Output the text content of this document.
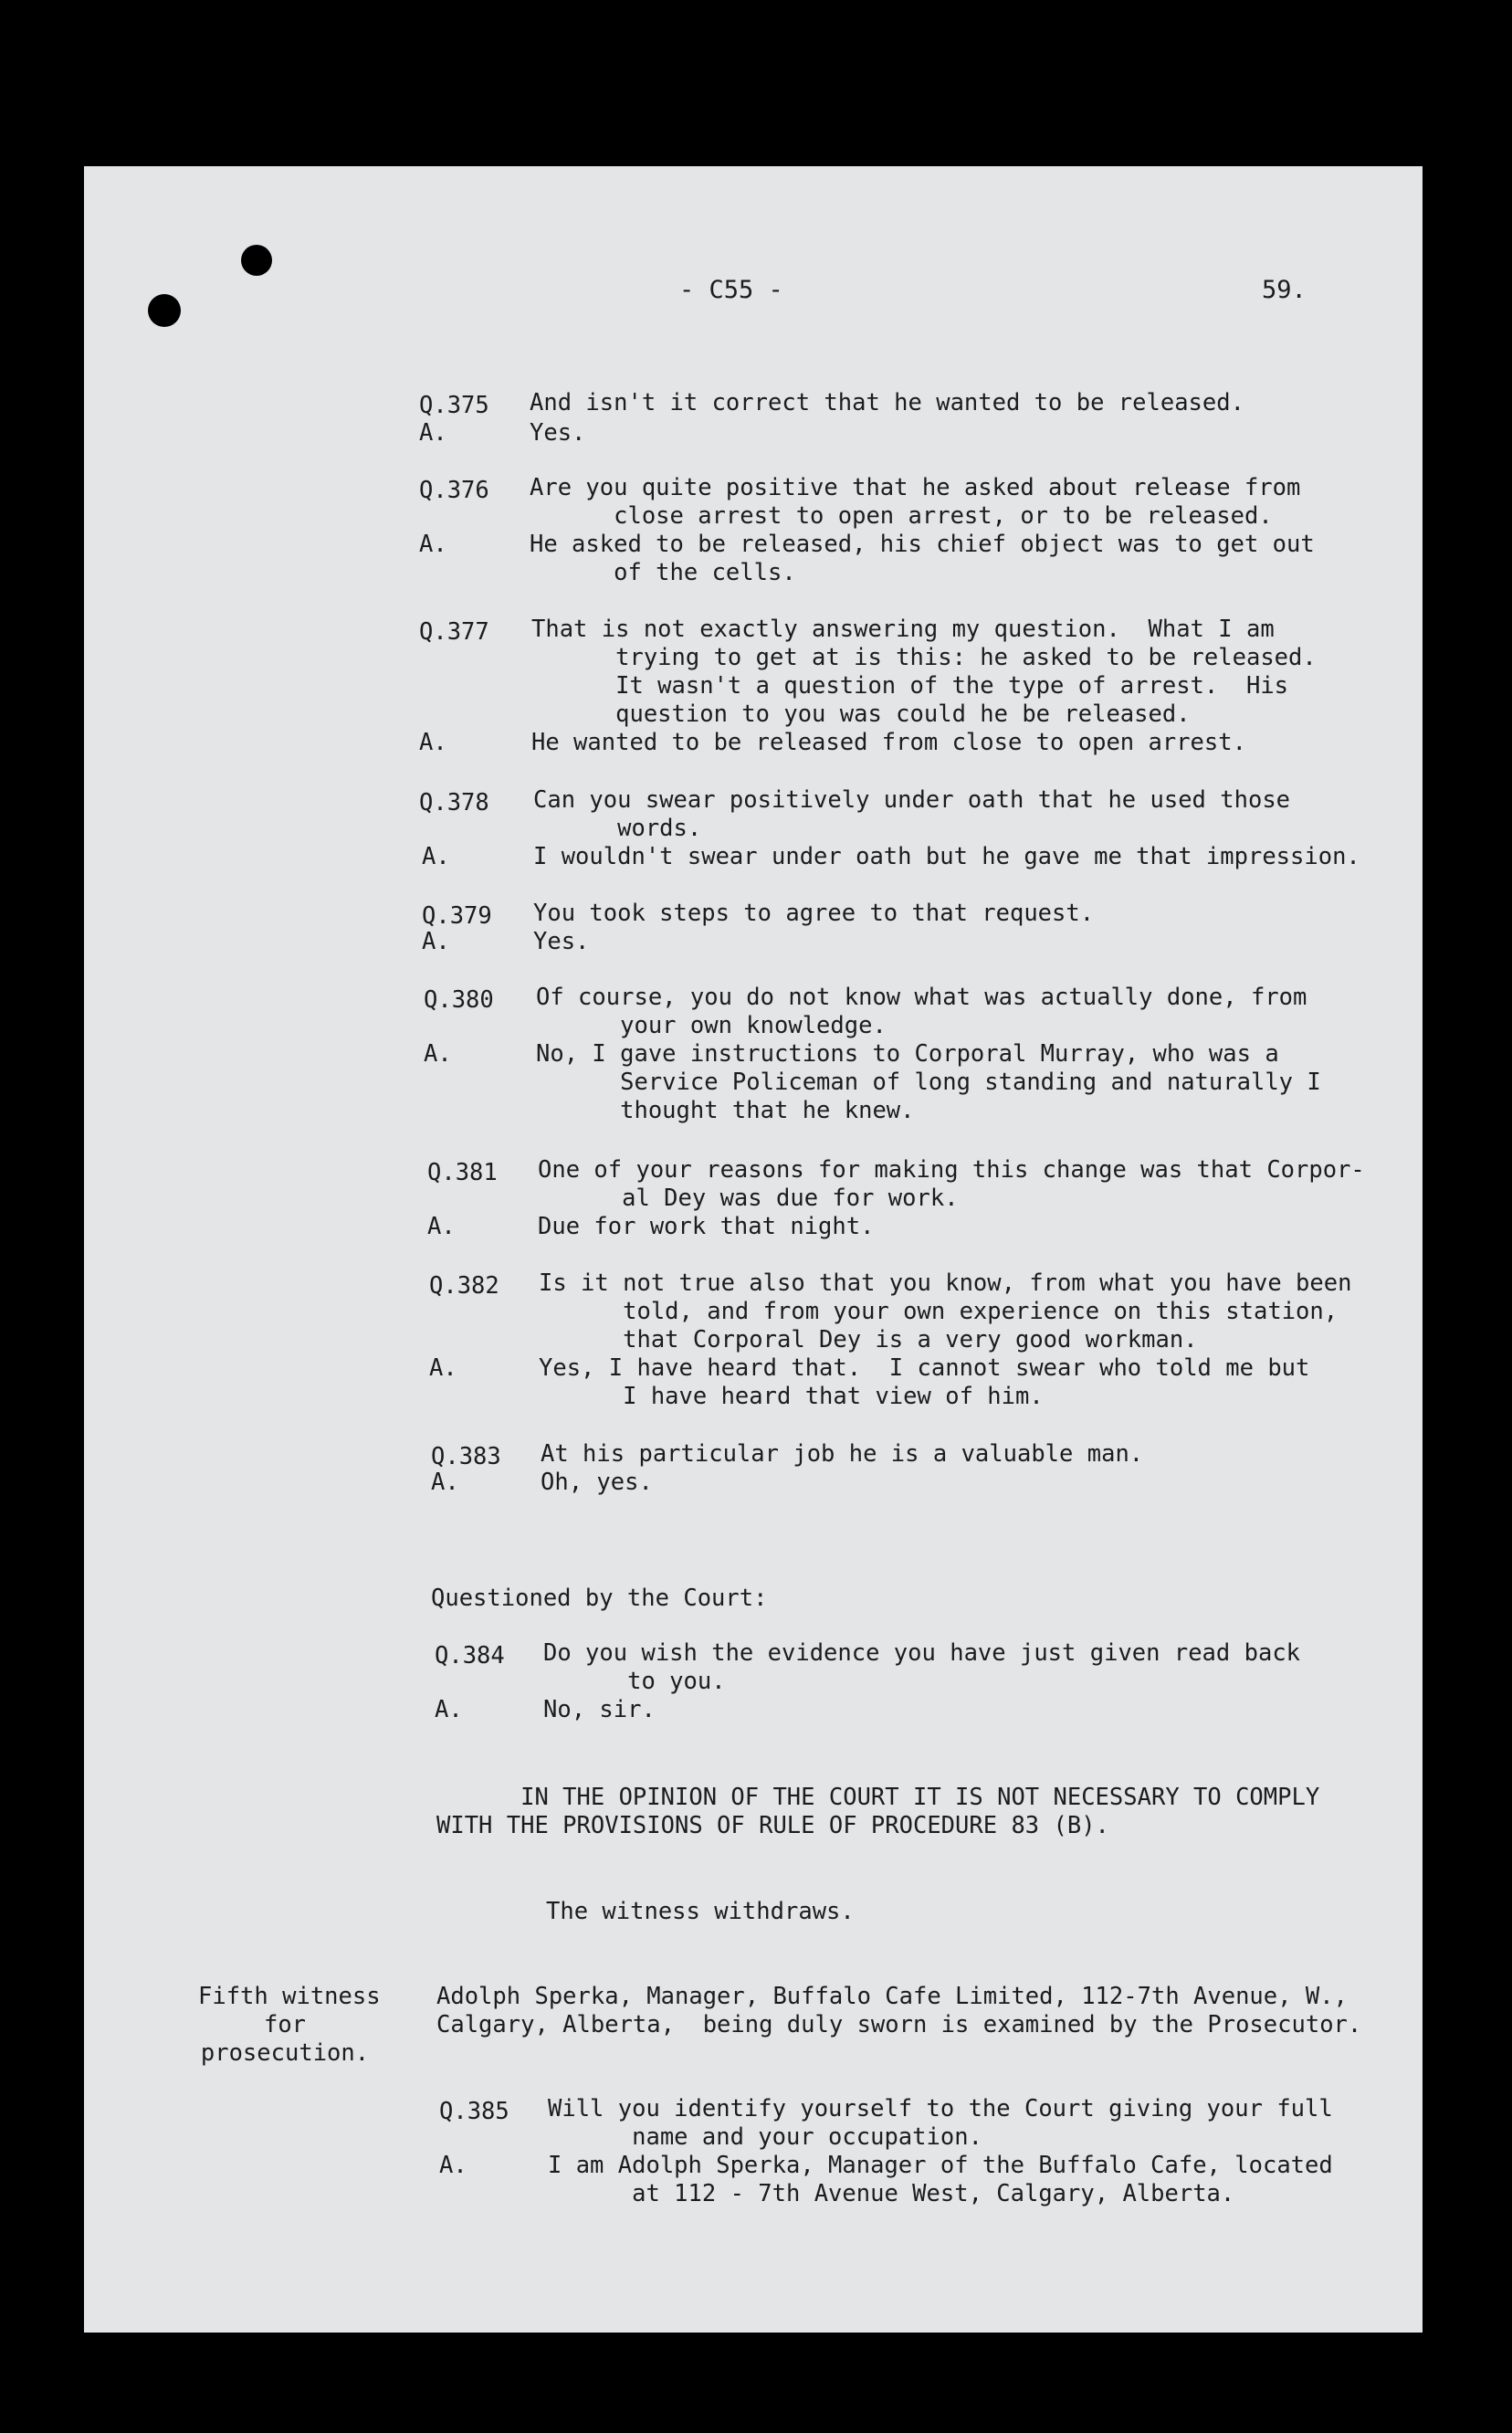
- C55 -	59.
Q.375	And isn't it correct that he wanted to be released.
A.	Yes.
Q.376	Are you quite positive that he asked about release from
close arrest to open arrest, or to be released.
A.	He asked to be released, his chief object was to get out
of the cells.
Q.377	That is not exactly answering my question.  What I am
trying to get at is this: he asked to be released.
It wasn't a question of the type of arrest.  His
question to you was could he be released.
A.	He wanted to be released from close to open arrest.
Q.378	Can you swear positively under oath that he used those
words.
A.	I wouldn't swear under oath but he gave me that impression.
Q.379	You took steps to agree to that request.
A.	Yes.
Q.380	Of course, you do not know what was actually done, from
your own knowledge.
A.	No, I gave instructions to Corporal Murray, who was a
Service Policeman of long standing and naturally I
thought that he knew.
Q.381	One of your reasons for making this change was that Corpor-
al Dey was due for work.
A.	Due for work that night.
Q.382	Is it not true also that you know, from what you have been
told, and from your own experience on this station,
that Corporal Dey is a very good workman.
A.	Yes, I have heard that.  I cannot swear who told me but
I have heard that view of him.
Q.383	At his particular job he is a valuable man.
A.	Oh, yes.
Questioned by the Court:
Q.384	Do you wish the evidence you have just given read back
to you.
A.	No, sir.
IN THE OPINION OF THE COURT IT IS NOT NECESSARY TO COMPLY
WITH THE PROVISIONS OF RULE OF PROCEDURE 83 (B).
The witness withdraws.
Fifth witness
for
prosecution.
Adolph Sperka, Manager, Buffalo Cafe Limited, 112-7th Avenue, W.,
Calgary, Alberta,  being duly sworn is examined by the Prosecutor.
Q.385	Will you identify yourself to the Court giving your full
name and your occupation.
A.	I am Adolph Sperka, Manager of the Buffalo Cafe, located
at 112 - 7th Avenue West, Calgary, Alberta.
